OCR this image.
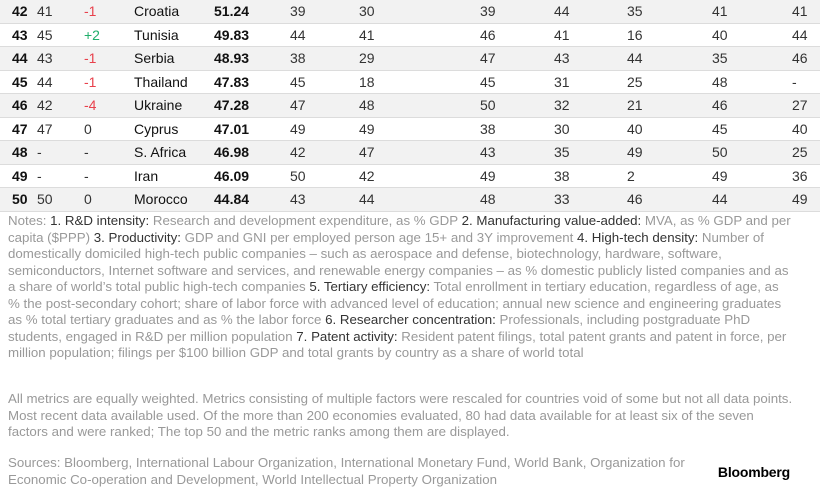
42	41	-1	Croatia	51.24	39	30	39	44	35	41	41
43	45	+2	Tunisia	49.83	44	41	46	41	16	40	44
44	43	-1	Serbia	48.93	38	29	47	43	44	35	46
45	44	-1	Thailand	47.83	45	18	45	31	25	48	-
46	42	-4	Ukraine	47.28	47	48	50	32	21	46	27
47	47	0	Cyprus	47.01	49	49	38	30	40	45	40
48	-	-	S. Africa	46.98	42	47	43	35	49	50	25
49	-	-	Iran	46.09	50	42	49	38	2	49	36
50	50	0	Morocco	44.84	43	44	48	33	46	44	49
Notes: 1. R&D intensity: Research and development expenditure, as % GDP 2. Manufacturing value-added: MVA, as % GDP and per capita ($PPP) 3. Productivity: GDP and GNI per employed person age 15+ and 3Y improvement 4. High-tech density: Number of domestically domiciled high-tech public companies – such as aerospace and defense, biotechnology, hardware, software, semiconductors, Internet software and services, and renewable energy companies – as % domestic publicly listed companies and as a share of world’s total public high-tech companies 5. Tertiary efficiency: Total enrollment in tertiary education, regardless of age, as % the post-secondary cohort; share of labor force with advanced level of education; annual new science and engineering graduates as % total tertiary graduates and as % the labor force 6. Researcher concentration: Professionals, including postgraduate PhD students, engaged in R&D per million population 7. Patent activity: Resident patent filings, total patent grants and patent in force, per million population; filings per $100 billion GDP and total grants by country as a share of world total
All metrics are equally weighted. Metrics consisting of multiple factors were rescaled for countries void of some but not all data points. Most recent data available used. Of the more than 200 economies evaluated, 80 had data available for at least six of the seven factors and were ranked; The top 50 and the metric ranks among them are displayed.
Sources: Bloomberg, International Labour Organization, International Monetary Fund, World Bank, Organization for Economic Co-operation and Development, World Intellectual Property Organization	Bloomberg
